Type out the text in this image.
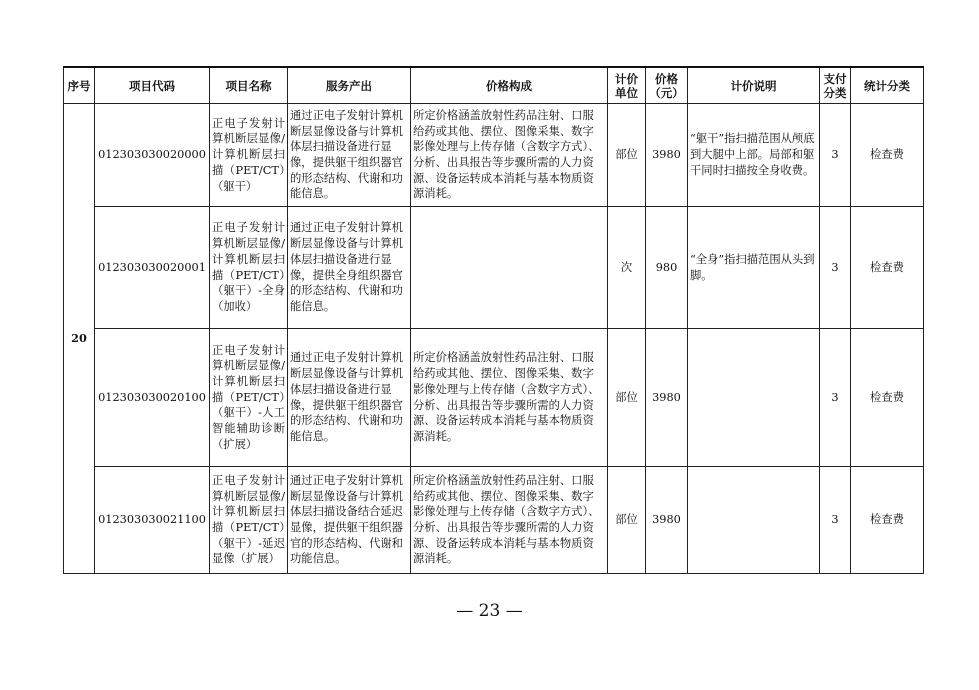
序号	项目代码	项目名称	服务产出	价格构成	计价单位	价格（元）	计价说明	支付分类	统计分类
20	012303030020000	正电子发射计算机断层显像/计算机断层扫描（PET/CT）（躯干）	通过正电子发射计算机断层显像设备与计算机体层扫描设备进行显像，提供躯干组织器官的形态结构、代谢和功能信息。	所定价格涵盖放射性药品注射、口服给药或其他、摆位、图像采集、数字影像处理与上传存储（含数字方式）、分析、出具报告等步骤所需的人力资源、设备运转成本消耗与基本物质资源消耗。	部位	3980	“躯干”指扫描范围从颅底到大腿中上部。局部和躯干同时扫描按全身收费。	3	检查费
	012303030020001	正电子发射计算机断层显像/计算机断层扫描（PET/CT）（躯干）-全身（加收）	通过正电子发射计算机断层显像设备与计算机体层扫描设备进行显像，提供全身组织器官的形态结构、代谢和功能信息。		次	980	“全身”指扫描范围从头到脚。	3	检查费
	012303030020100	正电子发射计算机断层显像/计算机断层扫描（PET/CT）（躯干）-人工智能辅助诊断（扩展）	通过正电子发射计算机断层显像设备与计算机体层扫描设备进行显像，提供躯干组织器官的形态结构、代谢和功能信息。	所定价格涵盖放射性药品注射、口服给药或其他、摆位、图像采集、数字影像处理与上传存储（含数字方式）、分析、出具报告等步骤所需的人力资源、设备运转成本消耗与基本物质资源消耗。	部位	3980		3	检查费
	012303030021100	正电子发射计算机断层显像/计算机断层扫描（PET/CT）（躯干）-延迟显像（扩展）	通过正电子发射计算机断层显像设备与计算机体层扫描设备结合延迟显像，提供躯干组织器官的形态结构、代谢和功能信息。	所定价格涵盖放射性药品注射、口服给药或其他、摆位、图像采集、数字影像处理与上传存储（含数字方式）、分析、出具报告等步骤所需的人力资源、设备运转成本消耗与基本物质资源消耗。	部位	3980		3	检查费
— 23 —
